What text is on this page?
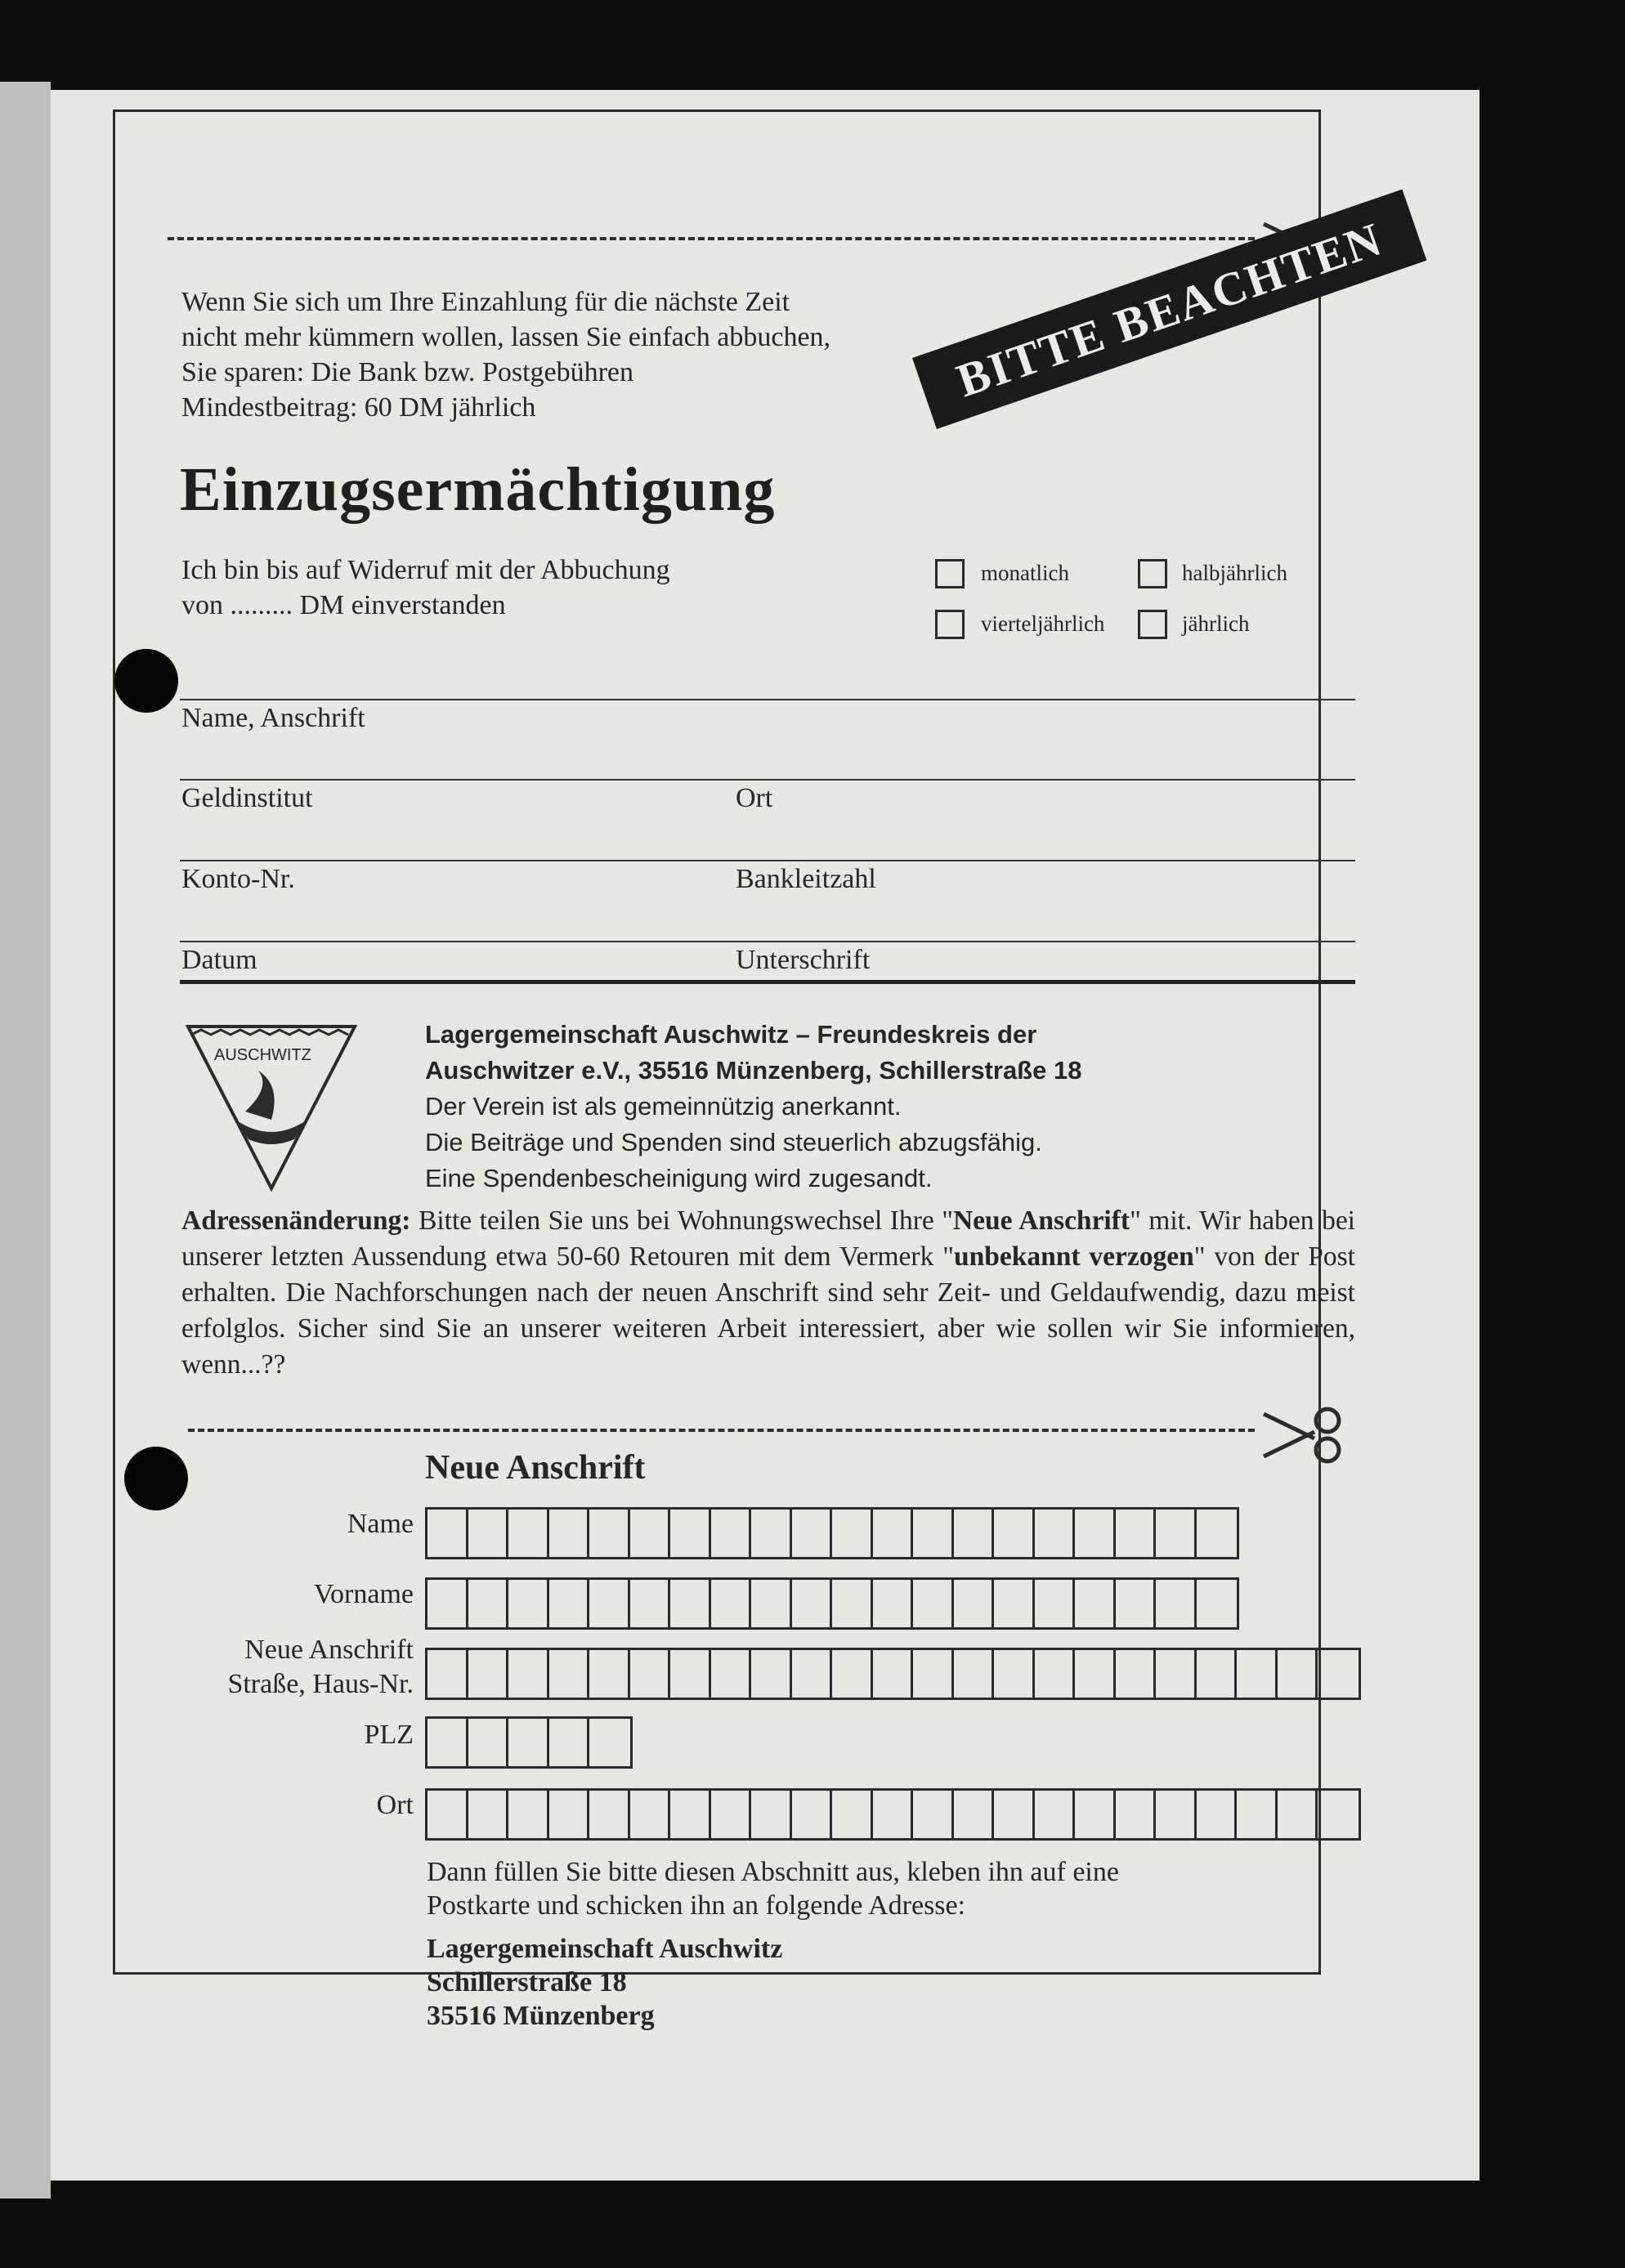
Wenn Sie sich um Ihre Einzahlung für die nächste Zeit
nicht mehr kümmern wollen, lassen Sie einfach abbuchen,
Sie sparen: Die Bank bzw. Postgebühren
Mindestbeitrag: 60 DM jährlich
BITTE BEACHTEN
Einzugsermächtigung
Ich bin bis auf Widerruf mit der Abbuchung
von ......... DM einverstanden
monatlich	halbjährlich
vierteljährlich	jährlich
Name, Anschrift
Geldinstitut	Ort
Konto-Nr.	Bankleitzahl
Datum	Unterschrift
AUSCHWITZ
Lagergemeinschaft Auschwitz – Freundeskreis der
Auschwitzer e.V., 35516 Münzenberg, Schillerstraße 18
Der Verein ist als gemeinnützig anerkannt.
Die Beiträge und Spenden sind steuerlich abzugsfähig.
Eine Spendenbescheinigung wird zugesandt.
Adressenänderung: Bitte teilen Sie uns bei Wohnungswechsel Ihre "Neue Anschrift" mit. Wir haben bei unserer letzten Aussendung etwa 50-60 Retouren mit dem Vermerk "unbekannt verzogen" von der Post erhalten. Die Nachforschungen nach der neuen Anschrift sind sehr Zeit- und Geldaufwendig, dazu meist erfolglos. Sicher sind Sie an unserer weiteren Arbeit interessiert, aber wie sollen wir Sie informieren, wenn...??
Neue Anschrift
Name
Vorname
Neue Anschrift
Straße, Haus-Nr.
PLZ
Ort
Dann füllen Sie bitte diesen Abschnitt aus, kleben ihn auf eine
Postkarte und schicken ihn an folgende Adresse:
Lagergemeinschaft Auschwitz
Schillerstraße 18
35516 Münzenberg
